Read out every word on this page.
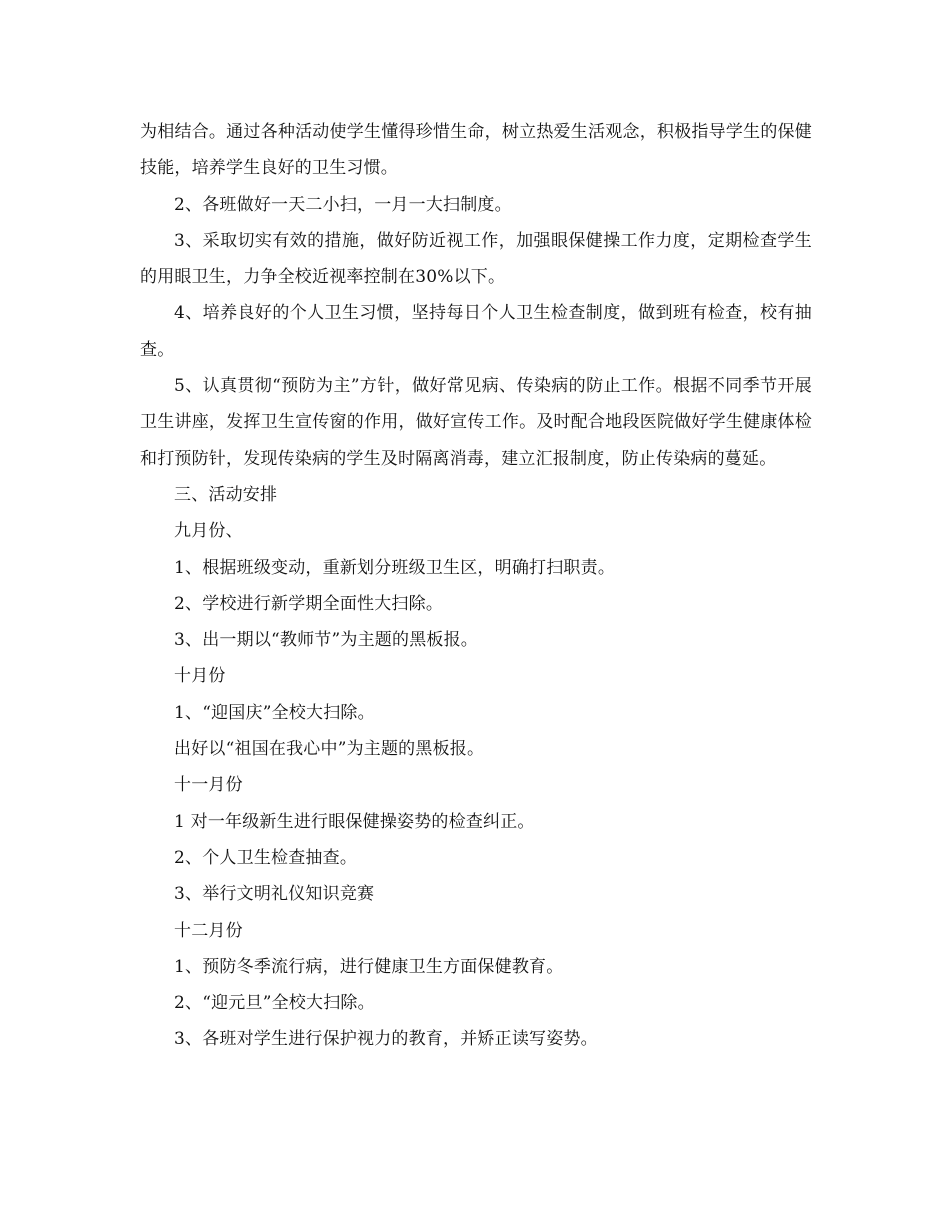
为相结合。通过各种活动使学生懂得珍惜生命，树立热爱生活观念，积极指导学生的保健技能，培养学生良好的卫生习惯。

2、各班做好一天二小扫，一月一大扫制度。

3、采取切实有效的措施，做好防近视工作，加强眼保健操工作力度，定期检查学生的用眼卫生，力争全校近视率控制在30%以下。

4、培养良好的个人卫生习惯，坚持每日个人卫生检查制度，做到班有检查，校有抽查。

5、认真贯彻“预防为主”方针，做好常见病、传染病的防止工作。根据不同季节开展卫生讲座，发挥卫生宣传窗的作用，做好宣传工作。及时配合地段医院做好学生健康体检和打预防针，发现传染病的学生及时隔离消毒，建立汇报制度，防止传染病的蔓延。

三、活动安排

九月份、

1、根据班级变动，重新划分班级卫生区，明确打扫职责。

2、学校进行新学期全面性大扫除。

3、出一期以“教师节”为主题的黑板报。

十月份

1、“迎国庆”全校大扫除。

出好以“祖国在我心中”为主题的黑板报。

十一月份

1 对一年级新生进行眼保健操姿势的检查纠正。

2、个人卫生检查抽查。

3、举行文明礼仪知识竞赛

十二月份

1、预防冬季流行病，进行健康卫生方面保健教育。

2、“迎元旦”全校大扫除。

3、各班对学生进行保护视力的教育，并矫正读写姿势。
